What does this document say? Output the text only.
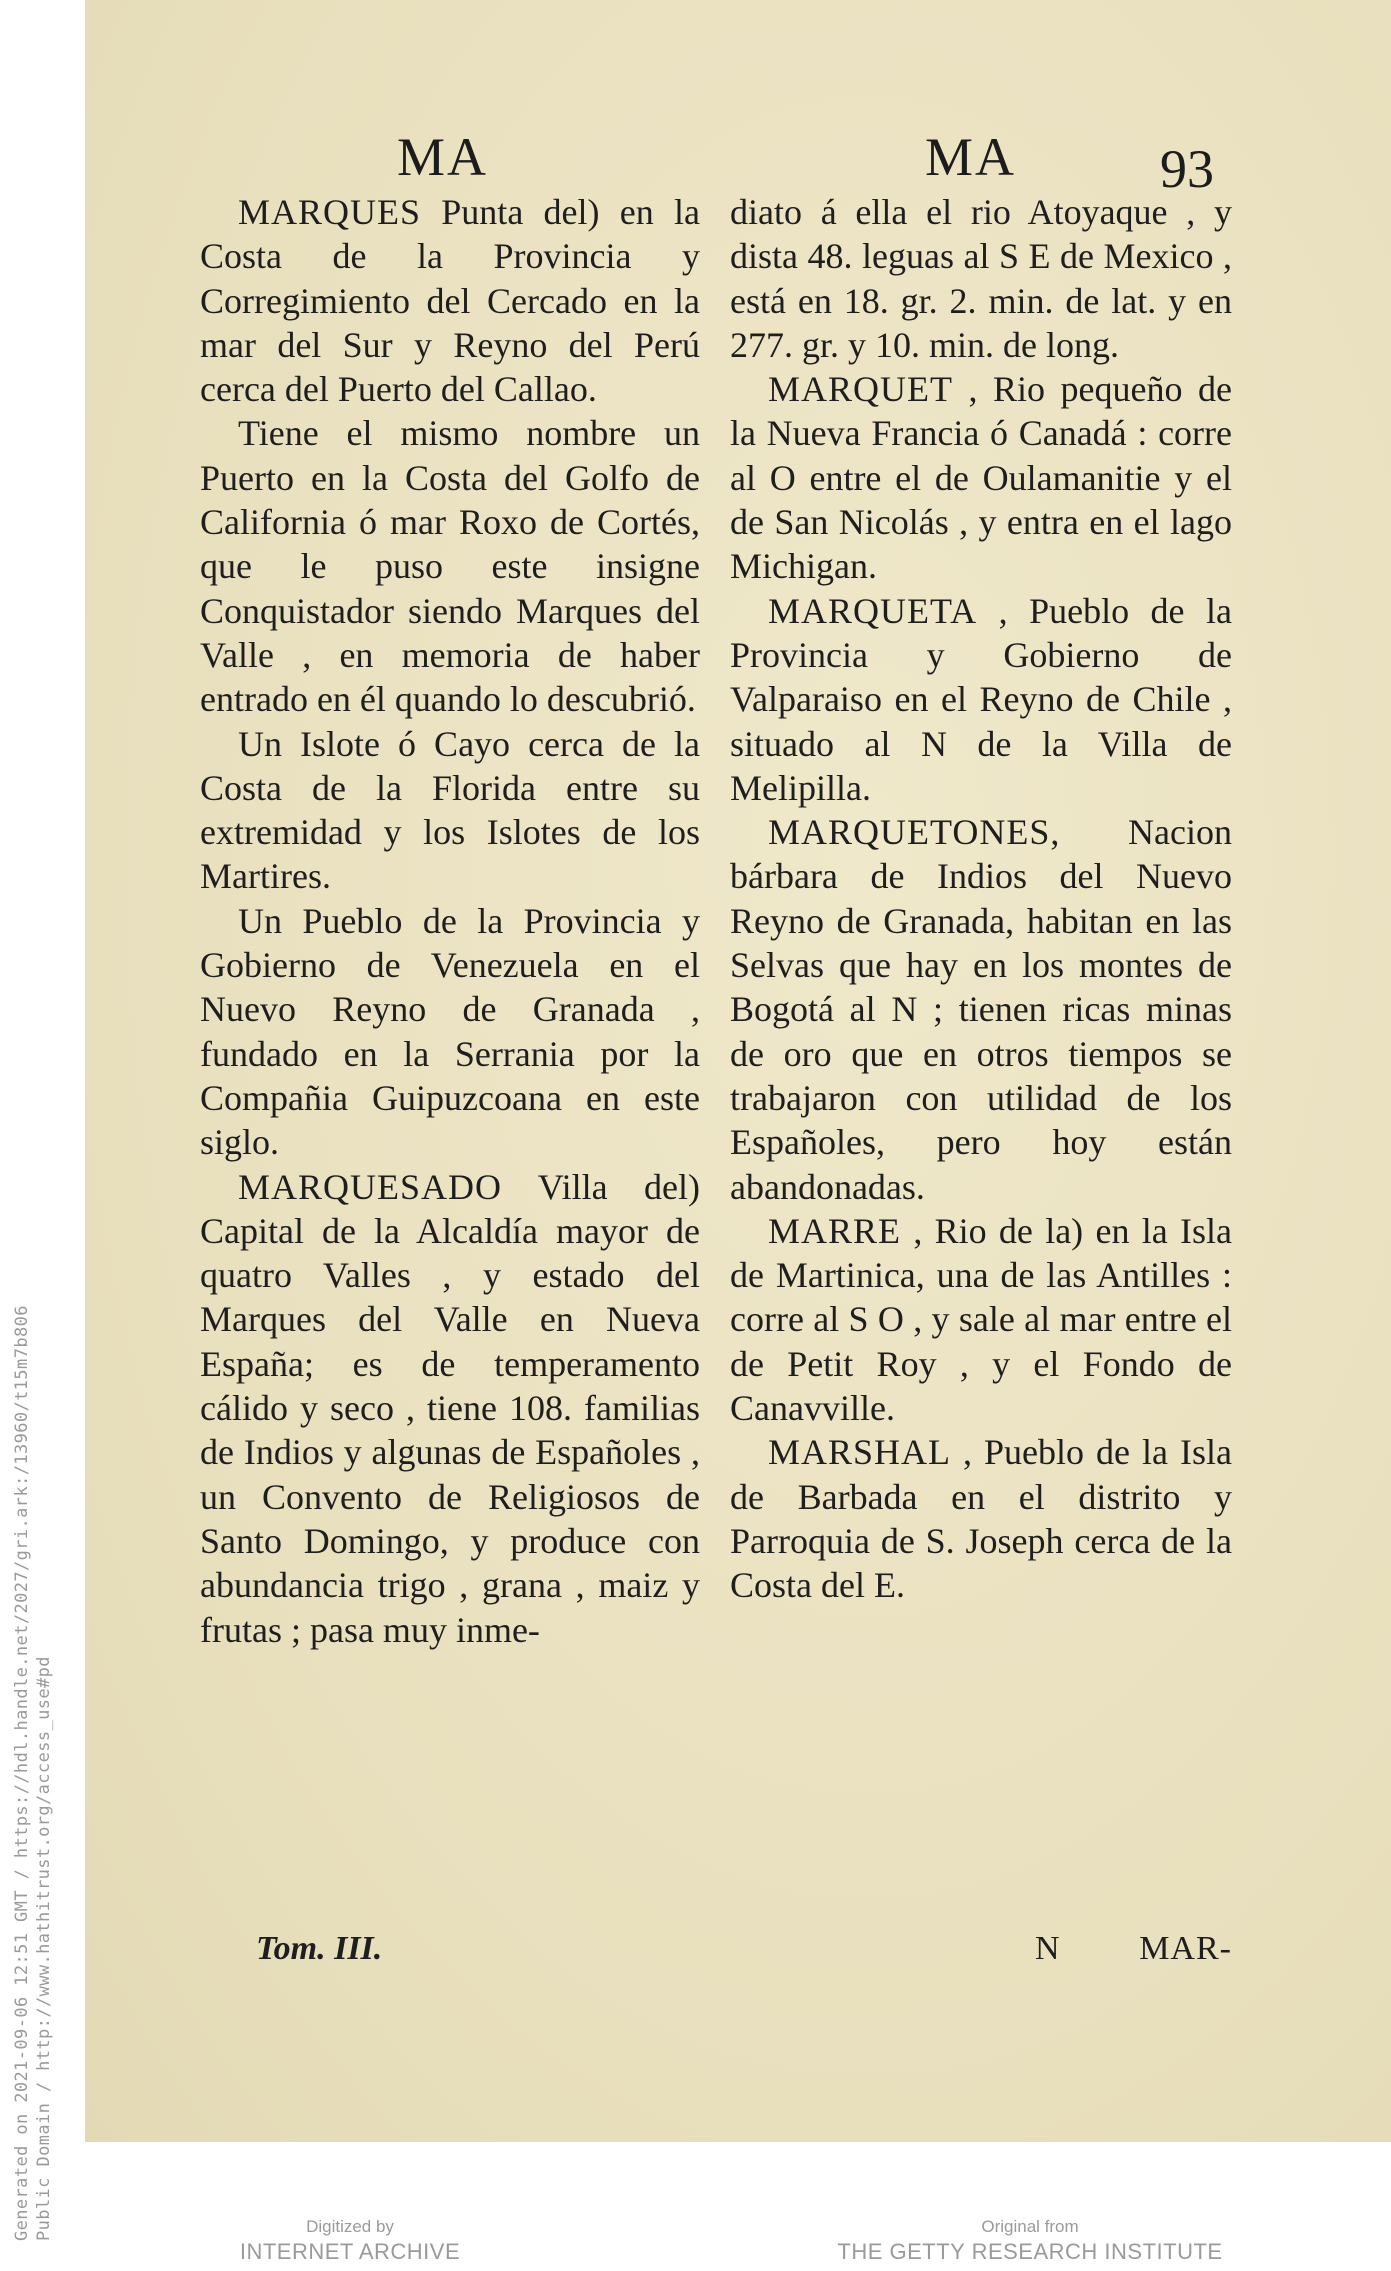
Generated on 2021-09-06 12:51 GMT / https://hdl.handle.net/2027/gri.ark:/13960/t15m7b806 Public Domain / http://www.hathitrust.org/access_use#pd
MA	MA	93

MARQUES Punta del) en la Costa de la Provincia y Corregimiento del Cercado en la mar del Sur y Reyno del Perú cerca del Puerto del Callao.

Tiene el mismo nombre un Puerto en la Costa del Golfo de California ó mar Roxo de Cortés, que le puso este insigne Conquistador siendo Marques del Valle , en memoria de haber entrado en él quando lo descubrió.

Un Islote ó Cayo cerca de la Costa de la Florida entre su extremidad y los Islotes de los Martires.

Un Pueblo de la Provincia y Gobierno de Venezuela en el Nuevo Reyno de Granada , fundado en la Serrania por la Compañia Guipuzcoana en este siglo.

MARQUESADO Villa del) Capital de la Alcaldía mayor de quatro Valles , y estado del Marques del Valle en Nueva España; es de temperamento cálido y seco , tiene 108. familias de Indios y algunas de Españoles , un Convento de Religiosos de Santo Domingo, y produce con abundancia trigo , grana , maiz y frutas ; pasa muy inme-

diato á ella el rio Atoyaque , y dista 48. leguas al S E de Mexico , está en 18. gr. 2. min. de lat. y en 277. gr. y 10. min. de long.

MARQUET , Rio pequeño de la Nueva Francia ó Canadá : corre al O entre el de Oulamanitie y el de San Nicolás , y entra en el lago Michigan.

MARQUETA , Pueblo de la Provincia y Gobierno de Valparaiso en el Reyno de Chile , situado al N de la Villa de Melipilla.

MARQUETONES, Nacion bárbara de Indios del Nuevo Reyno de Granada, habitan en las Selvas que hay en los montes de Bogotá al N ; tienen ricas minas de oro que en otros tiempos se trabajaron con utilidad de los Españoles, pero hoy están abandonadas.

MARRE , Rio de la) en la Isla de Martinica, una de las Antilles : corre al S O , y sale al mar entre el de Petit Roy , y el Fondo de Canavville.

MARSHAL , Pueblo de la Isla de Barbada en el distrito y Parroquia de S. Joseph cerca de la Costa del E.

Tom. III.	N MAR-
Digitized by
INTERNET ARCHIVE
Original from
THE GETTY RESEARCH INSTITUTE
